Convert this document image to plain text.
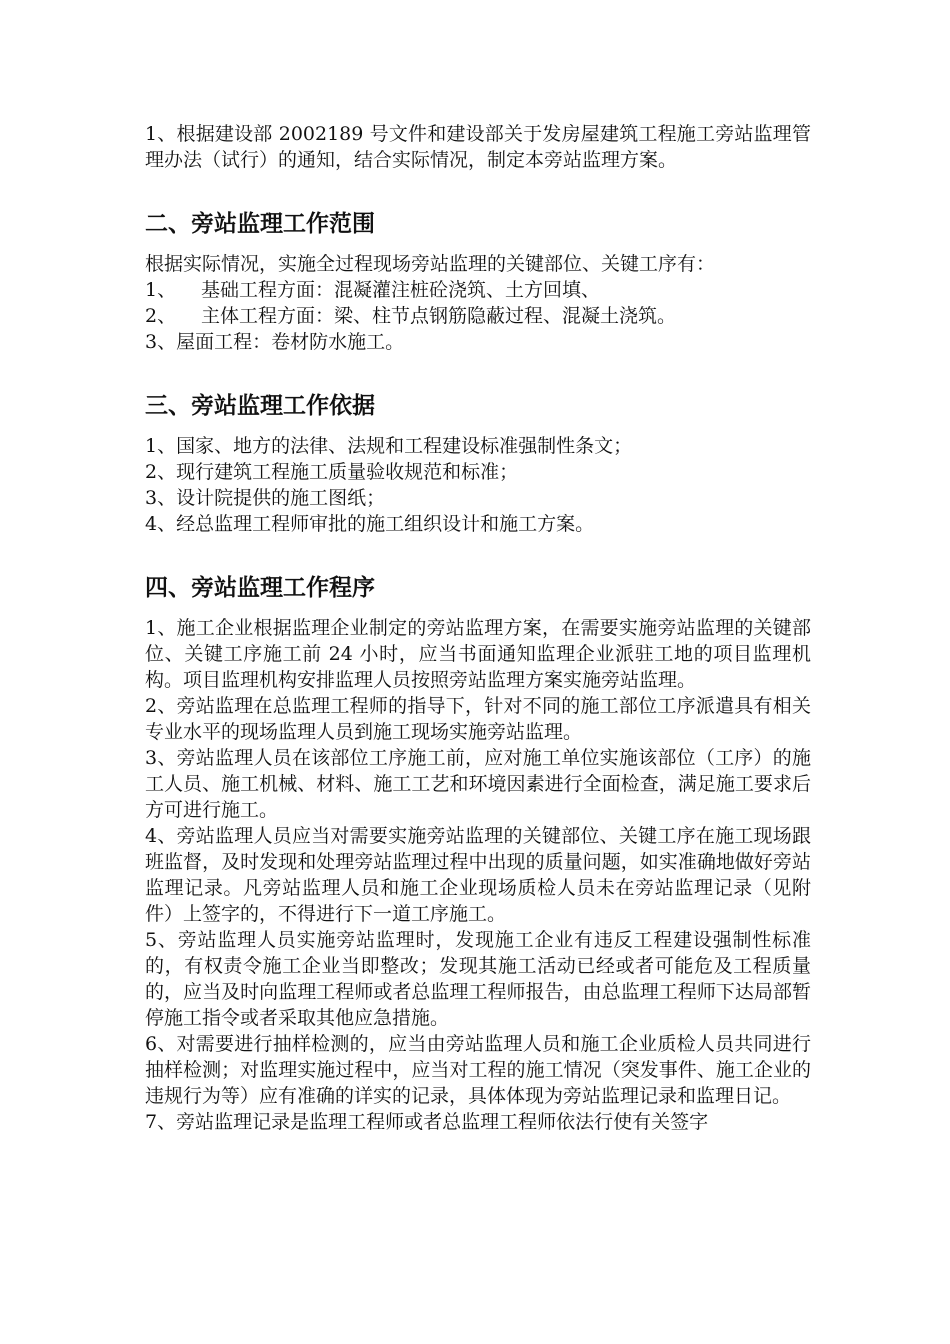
1、根据建设部 2002189 号文件和建设部关于发房屋建筑工程施工旁站监理管理办法（试行）的通知，结合实际情况，制定本旁站监理方案。

二、旁站监理工作范围

根据实际情况，实施全过程现场旁站监理的关键部位、关键工序有：

1、 基础工程方面：混凝灌注桩砼浇筑、土方回填、

2、 主体工程方面：梁、柱节点钢筋隐蔽过程、混凝土浇筑。

3、屋面工程：卷材防水施工。

三、旁站监理工作依据

1、国家、地方的法律、法规和工程建设标准强制性条文；

2、现行建筑工程施工质量验收规范和标准；

3、设计院提供的施工图纸；

4、经总监理工程师审批的施工组织设计和施工方案。

四、旁站监理工作程序

1、施工企业根据监理企业制定的旁站监理方案，在需要实施旁站监理的关键部位、关键工序施工前 24 小时，应当书面通知监理企业派驻工地的项目监理机构。项目监理机构安排监理人员按照旁站监理方案实施旁站监理。

2、旁站监理在总监理工程师的指导下，针对不同的施工部位工序派遣具有相关专业水平的现场监理人员到施工现场实施旁站监理。

3、旁站监理人员在该部位工序施工前，应对施工单位实施该部位（工序）的施工人员、施工机械、材料、施工工艺和环境因素进行全面检查，满足施工要求后方可进行施工。

4、旁站监理人员应当对需要实施旁站监理的关键部位、关键工序在施工现场跟班监督，及时发现和处理旁站监理过程中出现的质量问题，如实准确地做好旁站监理记录。凡旁站监理人员和施工企业现场质检人员未在旁站监理记录（见附件）上签字的，不得进行下一道工序施工。

5、旁站监理人员实施旁站监理时，发现施工企业有违反工程建设强制性标准的，有权责令施工企业当即整改；发现其施工活动已经或者可能危及工程质量的，应当及时向监理工程师或者总监理工程师报告，由总监理工程师下达局部暂停施工指令或者采取其他应急措施。

6、对需要进行抽样检测的，应当由旁站监理人员和施工企业质检人员共同进行抽样检测；对监理实施过程中，应当对工程的施工情况（突发事件、施工企业的违规行为等）应有准确的详实的记录，具体体现为旁站监理记录和监理日记。

7、旁站监理记录是监理工程师或者总监理工程师依法行使有关签字
